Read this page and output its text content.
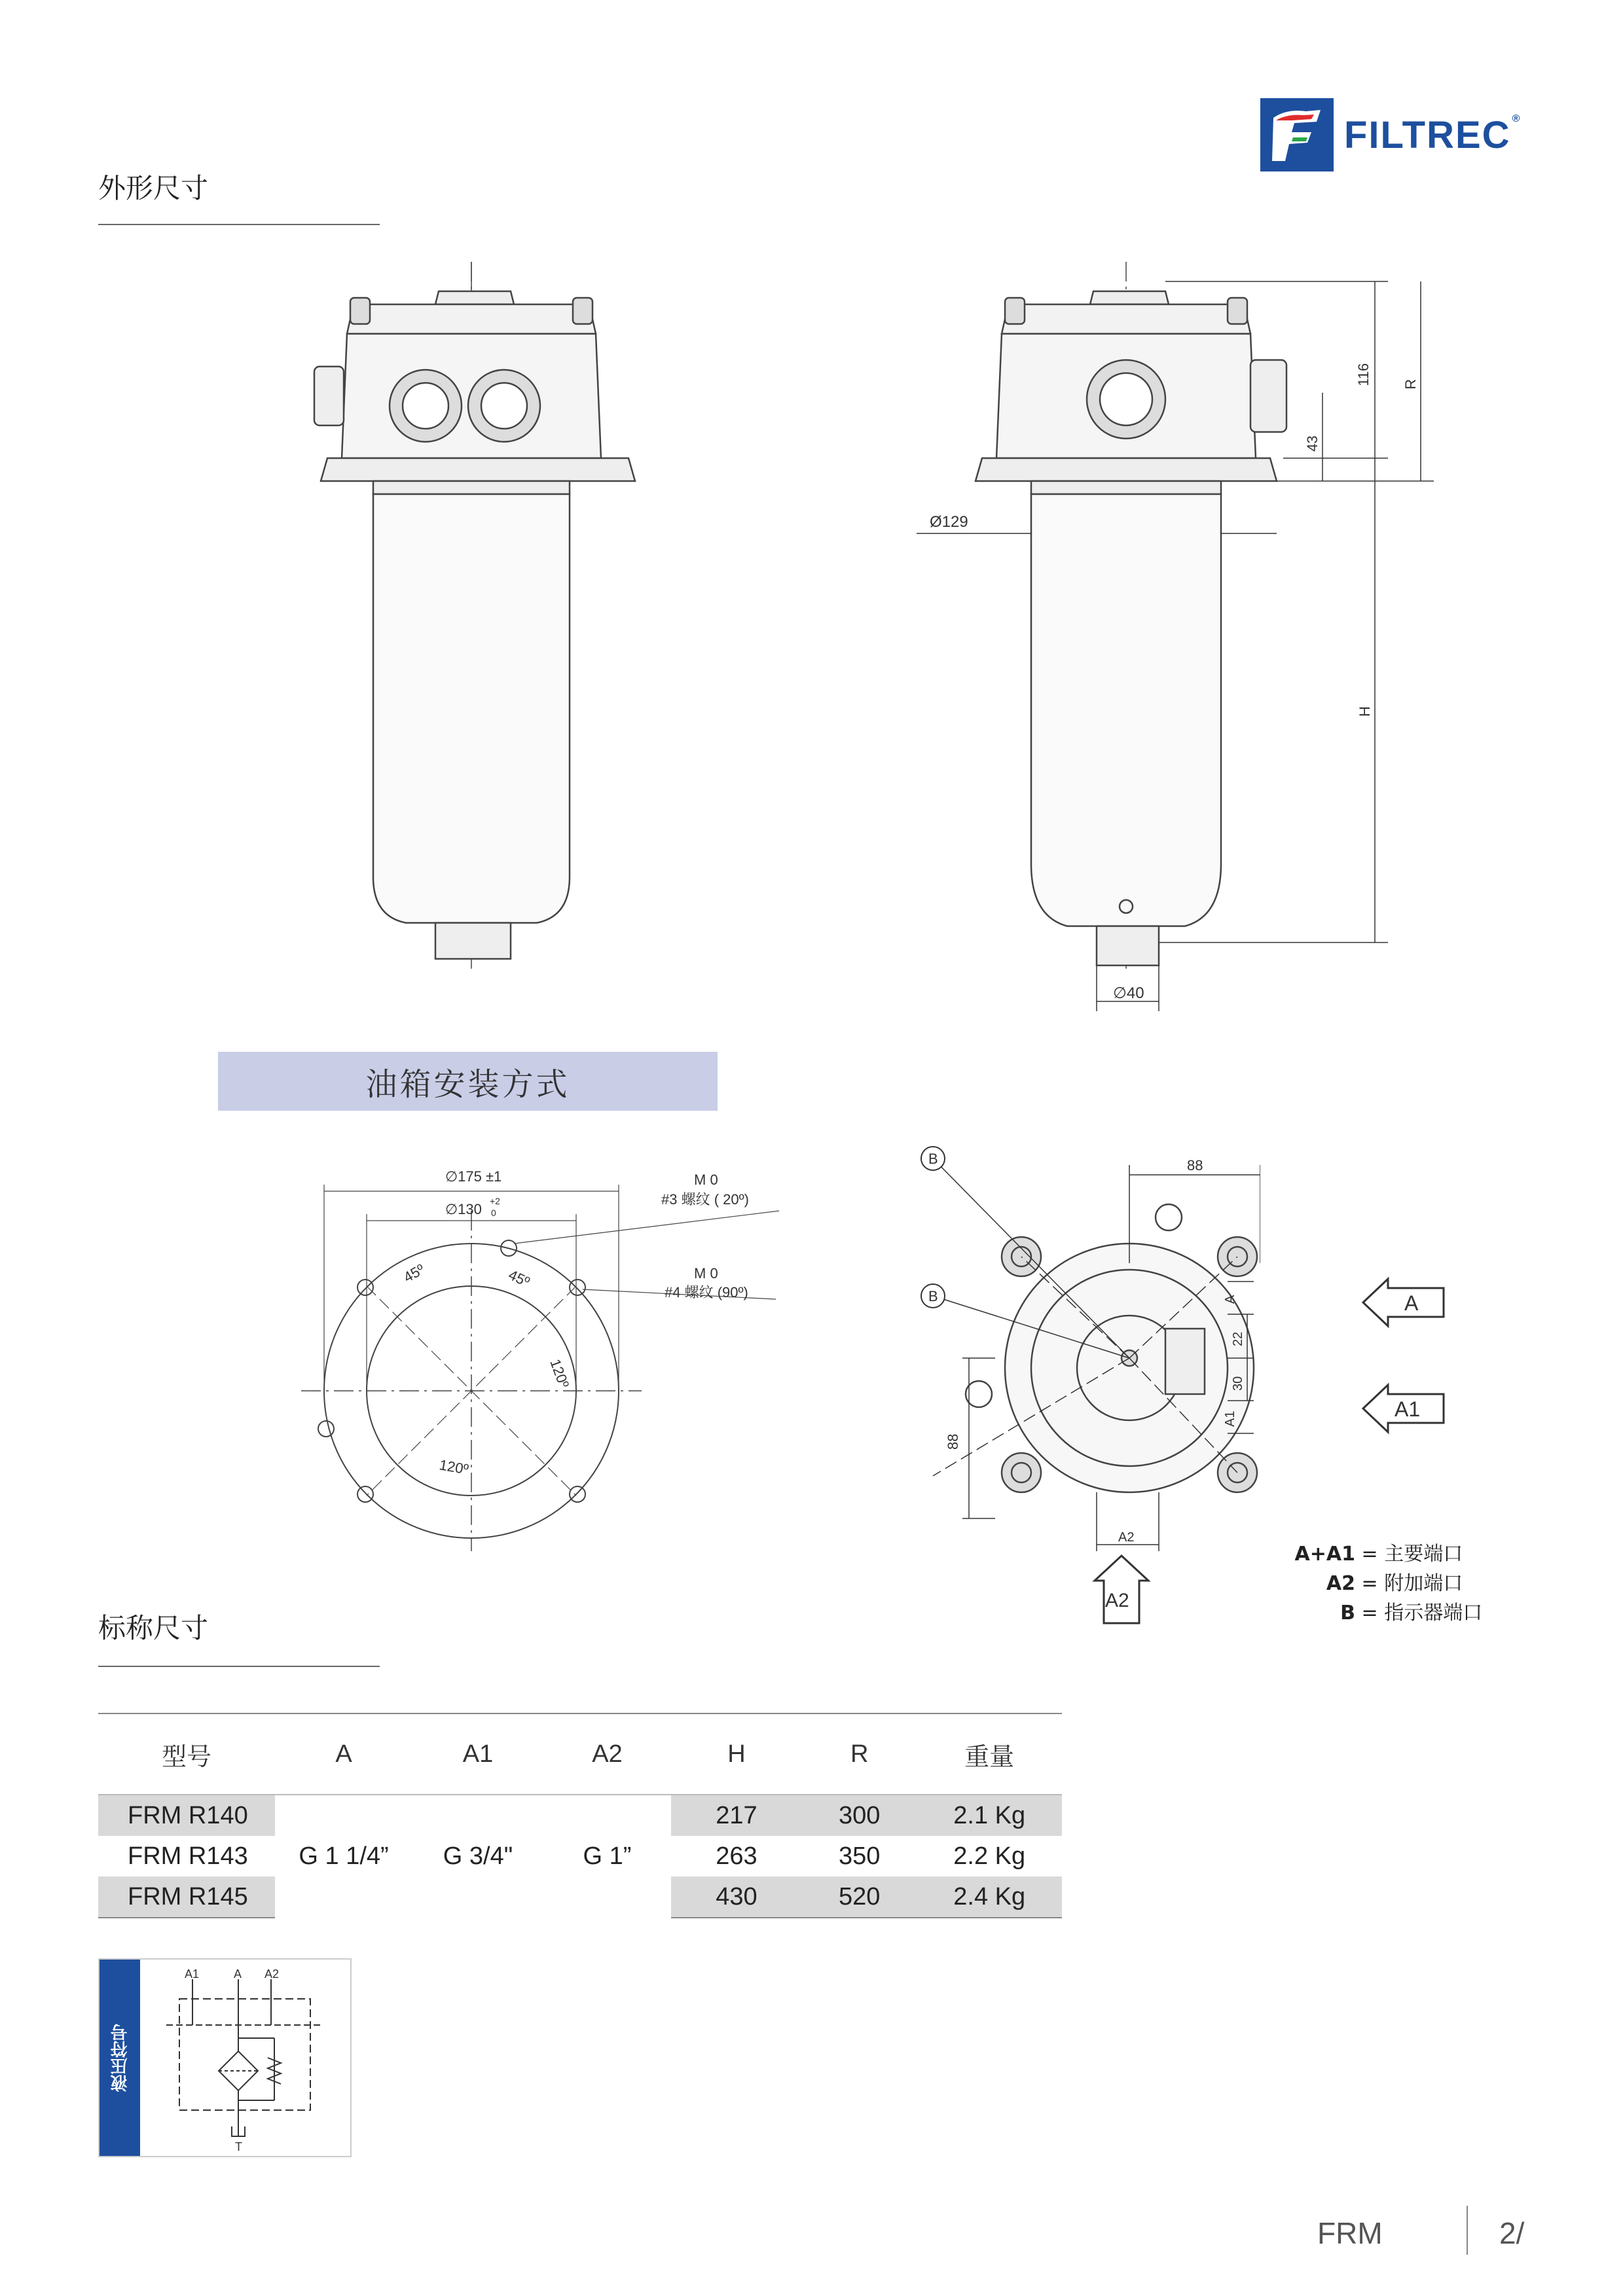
FILTREC ®
外形尺寸
Ø129
∅40
116
43
R
H
油箱安装方式
∅175 ±1
∅130 +2
0
M 0
#3 螺纹 ( 20º)
M 0
#4 螺纹 (90º)
45º	45º
120º
120º
B
B
88
88
22
30
A
A1
A2
A
A1
A2
A+A1 = 主要端口
A2 = 附加端口
B = 指示器端口
标称尺寸
型号	A	A1	A2	H	R	重量
FRM R140	G 1 1/4”	G 3/4"	G 1”	217	300	2.1 Kg
FRM R143				263	350	2.2 Kg
FRM R145				430	520	2.4 Kg
液压符号
A1	A A2
T
FRM	2/
